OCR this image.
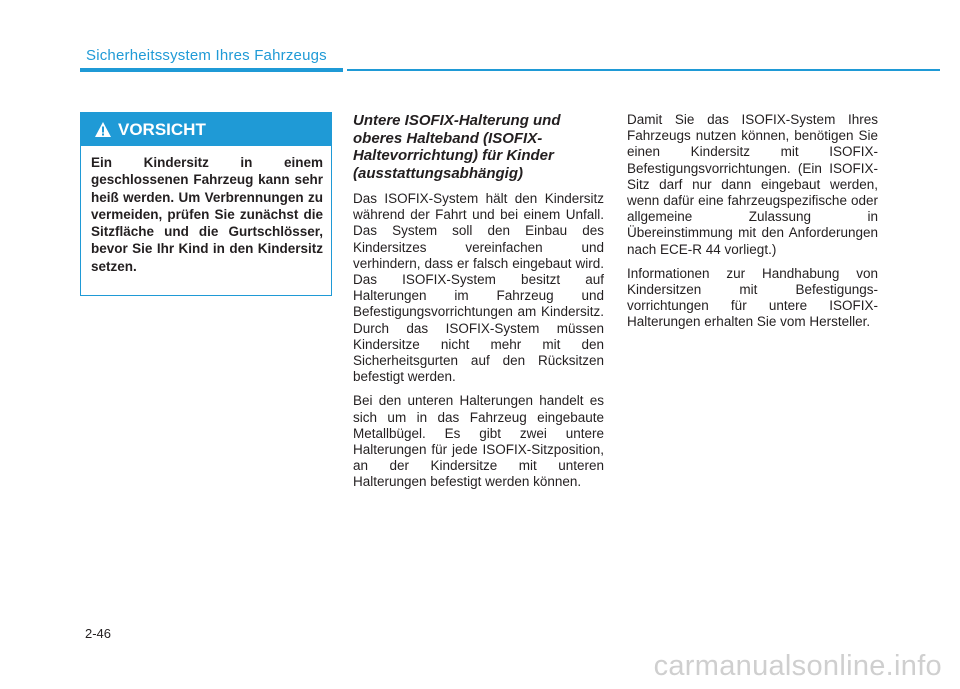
Sicherheitssystem Ihres Fahrzeugs
VORSICHT
Ein Kindersitz in einem geschlossenen Fahrzeug kann sehr heiß werden. Um Verbrennungen zu vermeiden, prüfen Sie zunächst die Sitzfläche und die Gurtschlösser, bevor Sie Ihr Kind in den Kindersitz setzen.
Untere ISOFIX-Halterung und oberes Halteband (ISOFIX-Haltevorrichtung) für Kinder (ausstattungsabhängig)

Das ISOFIX-System hält den Kindersitz während der Fahrt und bei einem Unfall. Das System soll den Einbau des Kindersitzes vereinfachen und verhindern, dass er falsch eingebaut wird. Das ISOFIX-System besitzt auf Halterungen im Fahrzeug und Befestigungsvorrichtungen am Kindersitz. Durch das ISOFIX-System müssen Kindersitze nicht mehr mit den Sicherheitsgurten auf den Rücksitzen befestigt werden.

Bei den unteren Halterungen handelt es sich um in das Fahrzeug eingebaute Metallbügel. Es gibt zwei untere Halterungen für jede ISOFIX-Sitzposition, an der Kindersitze mit unteren Halterungen befestigt werden können.

Damit Sie das ISOFIX-System Ihres Fahrzeugs nutzen können, benötigen Sie einen Kindersitz mit ISOFIX-Befestigungsvorrichtungen. (Ein ISOFIX-Sitz darf nur dann eingebaut werden, wenn dafür eine fahrzeugspezifische oder allgemeine Zulassung in Übereinstimmung mit den Anforderungen nach ECE-R 44 vorliegt.)

Informationen zur Handhabung von Kindersitzen mit Befestigungs-vorrichtungen für untere ISOFIX-Halterungen erhalten Sie vom Hersteller.

2-46
carmanualsonline.info
